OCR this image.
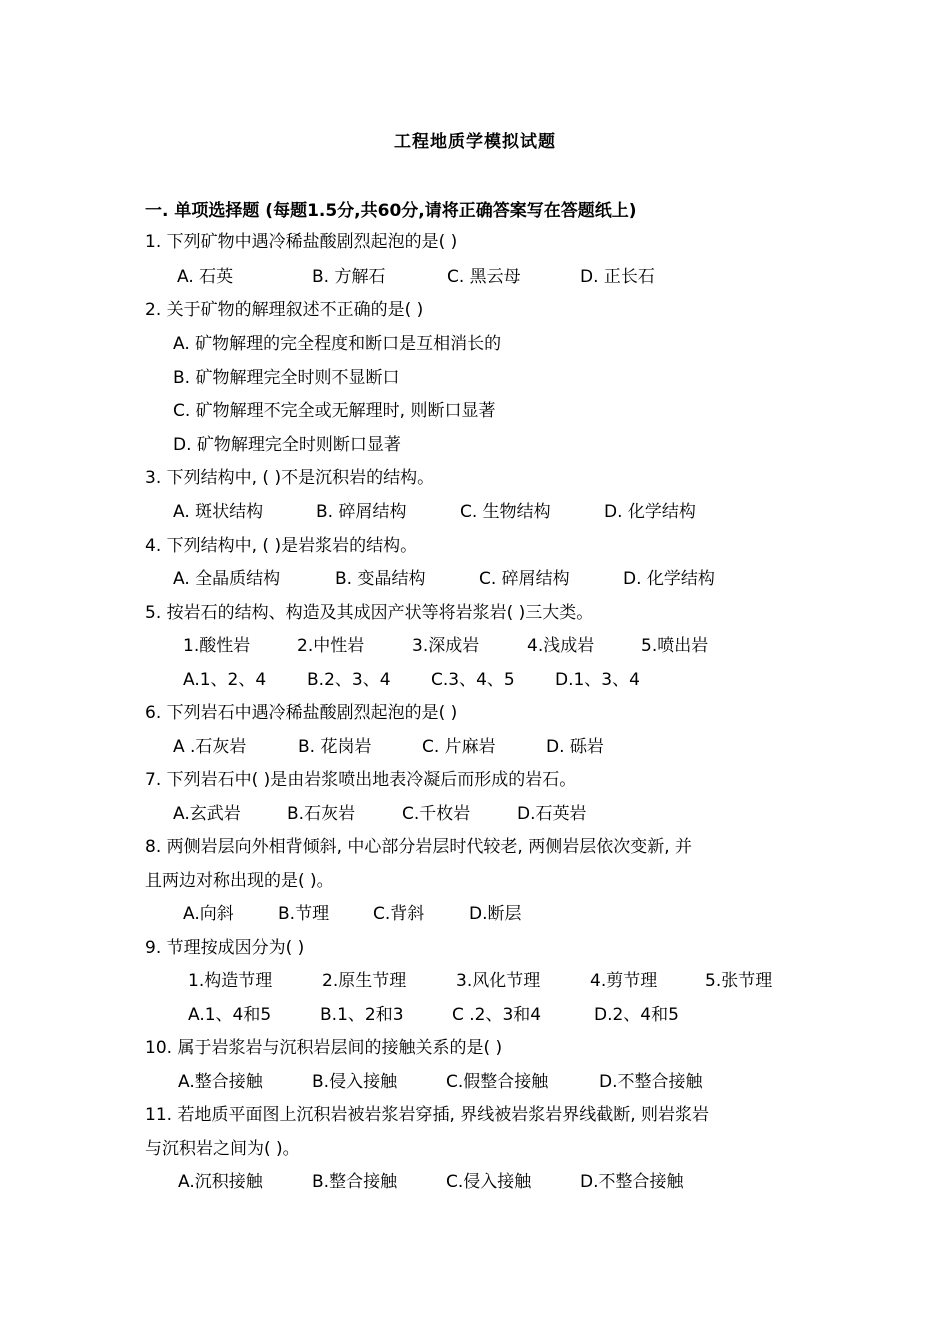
工程地质学模拟试题
一. 单项选择题 (每题1.5分,共60分,请将正确答案写在答题纸上)
1. 下列矿物中遇冷稀盐酸剧烈起泡的是( )
A. 石英	B. 方解石	C. 黑云母	D. 正长石
2. 关于矿物的解理叙述不正确的是( )
A. 矿物解理的完全程度和断口是互相消长的
B. 矿物解理完全时则不显断口
C. 矿物解理不完全或无解理时, 则断口显著
D. 矿物解理完全时则断口显著
3. 下列结构中, ( )不是沉积岩的结构。
A. 斑状结构	B. 碎屑结构	C. 生物结构	D. 化学结构
4. 下列结构中, ( )是岩浆岩的结构。
A. 全晶质结构	B. 变晶结构	C. 碎屑结构	D. 化学结构
5. 按岩石的结构、构造及其成因产状等将岩浆岩( )三大类。
1.酸性岩	2.中性岩	3.深成岩	4.浅成岩	5.喷出岩
A.1、2、4 B.2、3、4 C.3、4、5 D.1、3、4
6. 下列岩石中遇冷稀盐酸剧烈起泡的是( )
A .石灰岩	B. 花岗岩	C. 片麻岩	D. 砾岩
7. 下列岩石中( )是由岩浆喷出地表冷凝后而形成的岩石。
A.玄武岩	B.石灰岩	C.千枚岩	D.石英岩
8. 两侧岩层向外相背倾斜, 中心部分岩层时代较老, 两侧岩层依次变新, 并
且两边对称出现的是( )。
A.向斜	B.节理	C.背斜	D.断层
9. 节理按成因分为( )
1.构造节理	2.原生节理	3.风化节理	4.剪节理	5.张节理
A.1、4和5	B.1、2和3	C .2、3和4	D.2、4和5
10. 属于岩浆岩与沉积岩层间的接触关系的是( )
A.整合接触	B.侵入接触	C.假整合接触	D.不整合接触
11. 若地质平面图上沉积岩被岩浆岩穿插, 界线被岩浆岩界线截断, 则岩浆岩
与沉积岩之间为( )。
A.沉积接触	B.整合接触	C.侵入接触	D.不整合接触
